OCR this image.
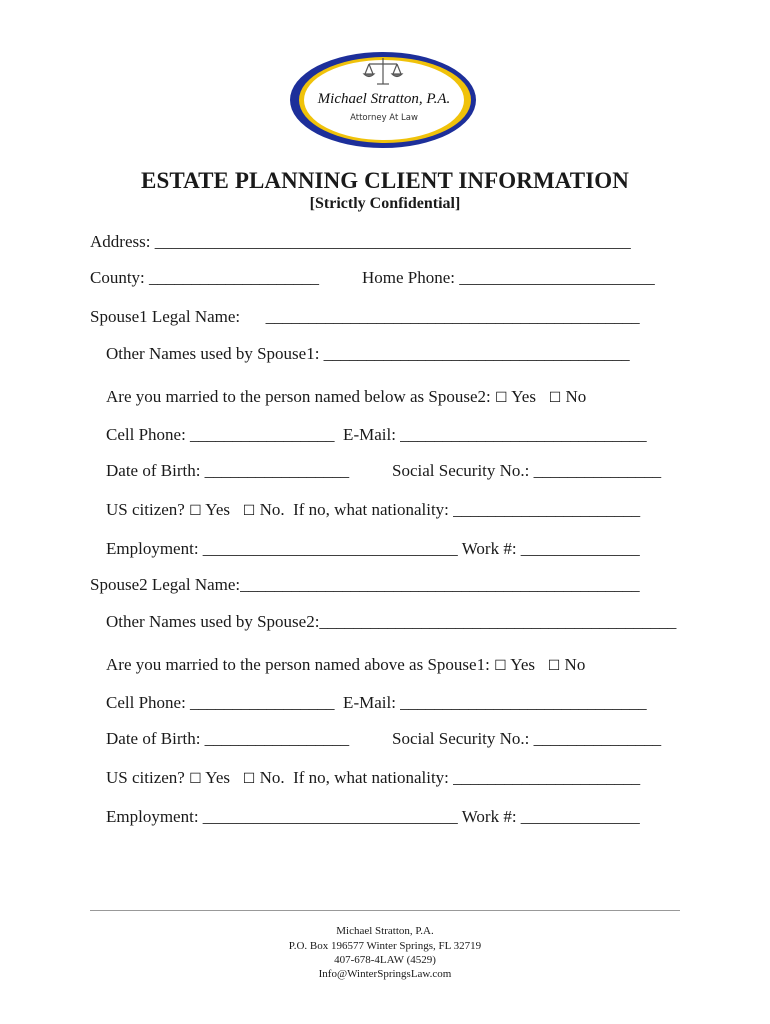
Michael Stratton, P.A.
Attorney At Law
ESTATE PLANNING CLIENT INFORMATION
[Strictly Confidential]
Address: ________________________________________________________
County: ____________________	Home Phone: _______________________
Spouse1 Legal Name:      ____________________________________________
Other Names used by Spouse1: ____________________________________
Are you married to the person named below as Spouse2: ☐ Yes ☐ No
Cell Phone: _________________  E-Mail: _____________________________
Date of Birth: _________________	Social Security No.: _______________
US citizen? ☐ Yes ☐ No.  If no, what nationality: ______________________
Employment: ______________________________ Work #: ______________
Spouse2 Legal Name:_______________________________________________
Other Names used by Spouse2:__________________________________________
Are you married to the person named above as Spouse1: ☐ Yes ☐ No
Cell Phone: _________________  E-Mail: _____________________________
Date of Birth: _________________	Social Security No.: _______________
US citizen? ☐ Yes ☐ No.  If no, what nationality: ______________________
Employment: ______________________________ Work #: ______________
Michael Stratton, P.A.
P.O. Box 196577 Winter Springs, FL 32719
407-678-4LAW (4529)
Info@WinterSpringsLaw.com
